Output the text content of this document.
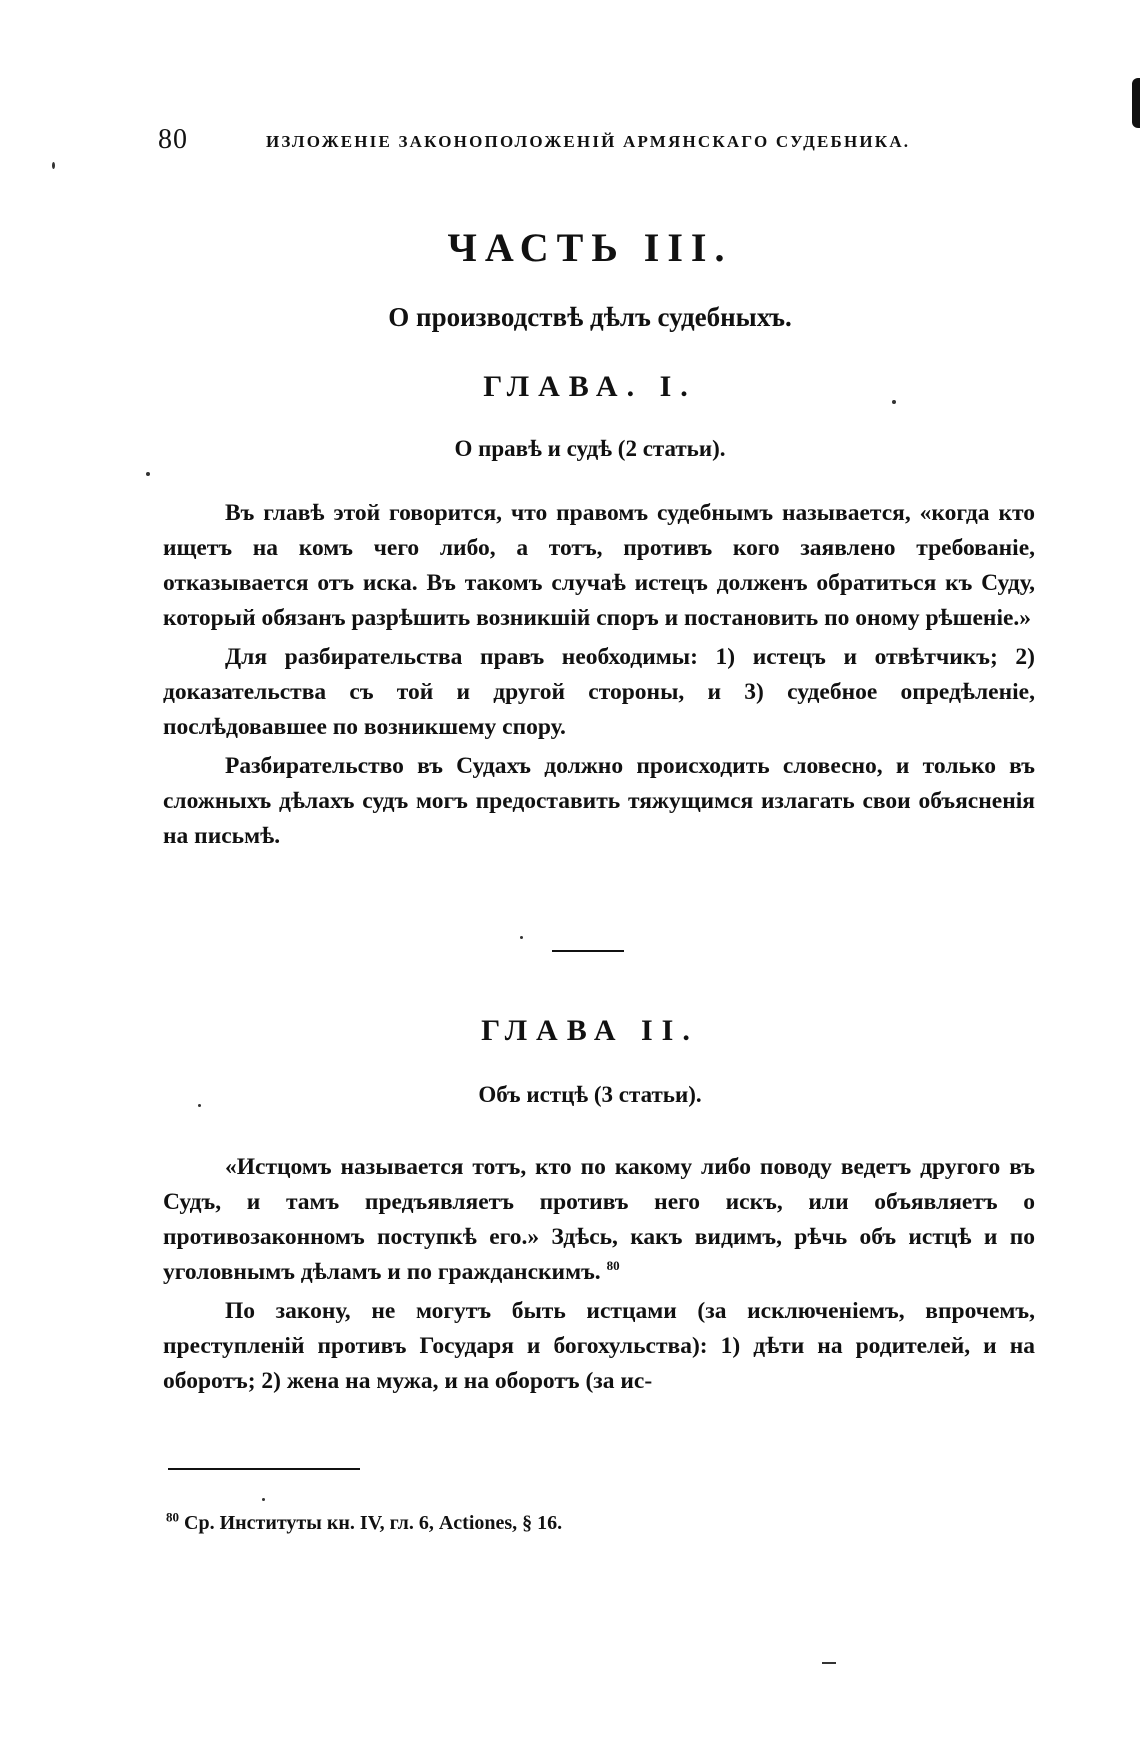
80	ИЗЛОЖЕНІЕ ЗАКОНОПОЛОЖЕНІЙ АРМЯНСКАГО СУДЕБНИКА.
ЧАСТЬ III.
О производствѣ дѣлъ судебныхъ.
ГЛАВА. I.
О правѣ и судѣ (2 статьи).

Въ главѣ этой говорится, что правомъ судебнымъ называется, «когда кто ищетъ на комъ чего либо, а тотъ, противъ кого заявлено требованіе, отказывается отъ иска. Въ такомъ случаѣ истецъ долженъ обратиться къ Суду, который обязанъ разрѣшить возникшій споръ и постановить по оному рѣшеніе.»

Для разбирательства правъ необходимы: 1) истецъ и отвѣтчикъ; 2) доказательства съ той и другой стороны, и 3) судебное опредѣленіе, послѣдовавшее по возникшему спору.

Разбирательство въ Судахъ должно происходить словесно, и только въ сложныхъ дѣлахъ судъ могъ предоставить тяжущимся излагать свои объясненія на письмѣ.

ГЛАВА II.
Объ истцѣ (3 статьи).

«Истцомъ называется тотъ, кто по какому либо поводу ведетъ другого въ Судъ, и тамъ предъявляетъ противъ него искъ, или объявляетъ о противозаконномъ поступкѣ его.» Здѣсь, какъ видимъ, рѣчь объ истцѣ и по уголовнымъ дѣламъ и по гражданскимъ. $^{80}$

По закону, не могутъ быть истцами (за исключеніемъ, впрочемъ, преступленій противъ Государя и богохульства): 1) дѣти на родителей, и на оборотъ; 2) жена на мужа, и на оборотъ (за ис-

$^{80}$ Ср. Институты кн. IV, гл. 6, Actiones, § 16.
